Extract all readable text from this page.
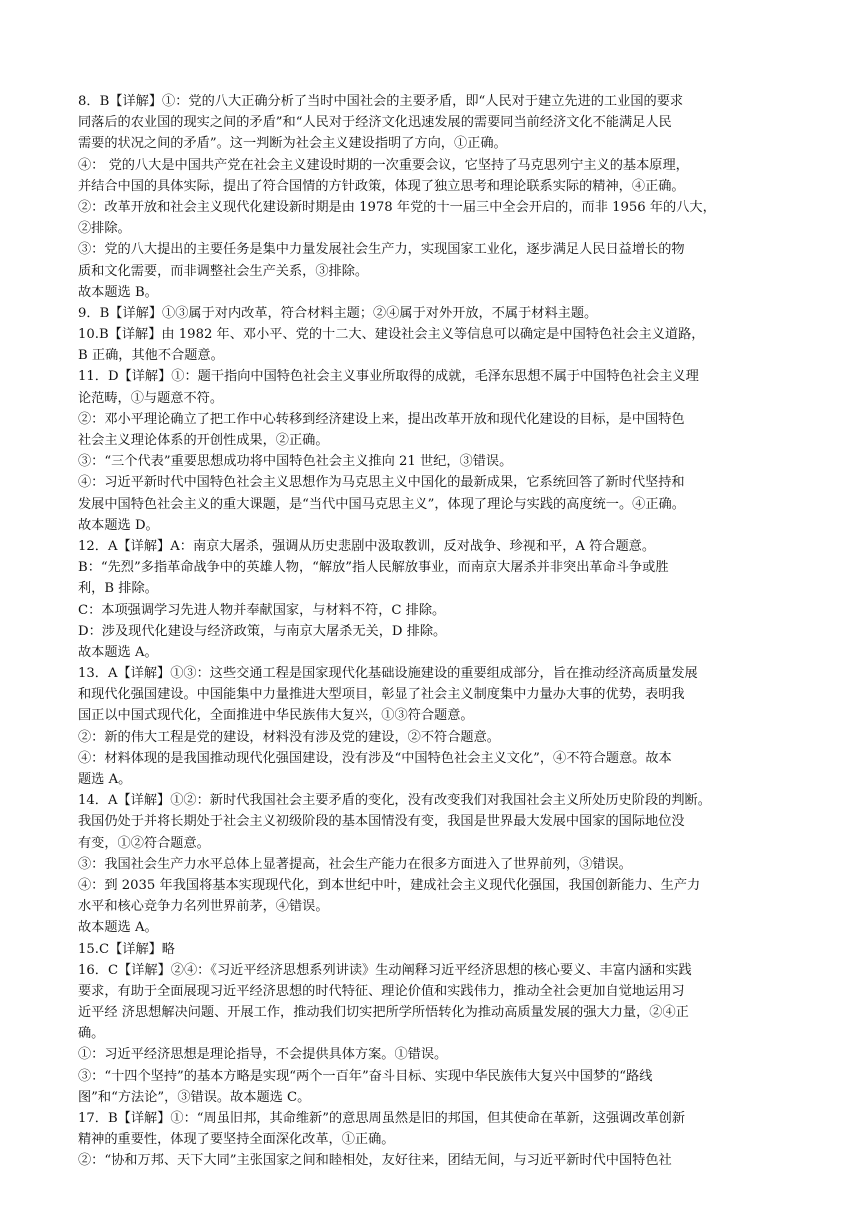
8．B【详解】①：党的八大正确分析了当时中国社会的主要矛盾，即“人民对于建立先进的工业国的要求
同落后的农业国的现实之间的矛盾”和“人民对于经济文化迅速发展的需要同当前经济文化不能满足人民
需要的状况之间的矛盾”。这一判断为社会主义建设指明了方向，①正确。
④： 党的八大是中国共产党在社会主义建设时期的一次重要会议，它坚持了马克思列宁主义的基本原理，
并结合中国的具体实际，提出了符合国情的方针政策，体现了独立思考和理论联系实际的精神，④正确。
②：改革开放和社会主义现代化建设新时期是由 1978 年党的十一届三中全会开启的，而非 1956 年的八大，
②排除。
③：党的八大提出的主要任务是集中力量发展社会生产力，实现国家工业化，逐步满足人民日益增长的物
质和文化需要，而非调整社会生产关系，③排除。
故本题选 B。
9．B【详解】①③属于对内改革，符合材料主题；②④属于对外开放，不属于材料主题。
10.B【详解】由 1982 年、邓小平、党的十二大、建设社会主义等信息可以确定是中国特色社会主义道路，
B 正确，其他不合题意。
11．D【详解】①：题干指向中国特色社会主义事业所取得的成就，毛泽东思想不属于中国特色社会主义理
论范畴，①与题意不符。
②：邓小平理论确立了把工作中心转移到经济建设上来，提出改革开放和现代化建设的目标，是中国特色
社会主义理论体系的开创性成果，②正确。
③：“三个代表”重要思想成功将中国特色社会主义推向 21 世纪，③错误。
④：习近平新时代中国特色社会主义思想作为马克思主义中国化的最新成果，它系统回答了新时代坚持和
发展中国特色社会主义的重大课题，是“当代中国马克思主义”，体现了理论与实践的高度统一。④正确。
故本题选 D。
12．A【详解】A：南京大屠杀，强调从历史悲剧中汲取教训，反对战争、珍视和平，A 符合题意。
B：“先烈”多指革命战争中的英雄人物，“解放”指人民解放事业，而南京大屠杀并非突出革命斗争或胜
利，B 排除。
C：本项强调学习先进人物并奉献国家，与材料不符，C 排除。
D：涉及现代化建设与经济政策，与南京大屠杀无关，D 排除。
故本题选 A。
13．A【详解】①③：这些交通工程是国家现代化基础设施建设的重要组成部分，旨在推动经济高质量发展
和现代化强国建设。中国能集中力量推进大型项目，彰显了社会主义制度集中力量办大事的优势，表明我
国正以中国式现代化，全面推进中华民族伟大复兴，①③符合题意。
②：新的伟大工程是党的建设，材料没有涉及党的建设，②不符合题意。
④：材料体现的是我国推动现代化强国建设，没有涉及“中国特色社会主义文化”，④不符合题意。故本
题选 A。
14．A【详解】①②：新时代我国社会主要矛盾的变化，没有改变我们对我国社会主义所处历史阶段的判断。
我国仍处于并将长期处于社会主义初级阶段的基本国情没有变，我国是世界最大发展中国家的国际地位没
有变，①②符合题意。
③：我国社会生产力水平总体上显著提高，社会生产能力在很多方面进入了世界前列，③错误。
④：到 2035 年我国将基本实现现代化，到本世纪中叶，建成社会主义现代化强国，我国创新能力、生产力
水平和核心竞争力名列世界前茅，④错误。
故本题选 A。
15.C【详解】略
16．C【详解】②④：《习近平经济思想系列讲读》生动阐释习近平经济思想的核心要义、丰富内涵和实践
要求，有助于全面展现习近平经济思想的时代特征、理论价值和实践伟力，推动全社会更加自觉地运用习
近平经 济思想解决问题、开展工作，推动我们切实把所学所悟转化为推动高质量发展的强大力量，②④正
确。
①：习近平经济思想是理论指导，不会提供具体方案。①错误。
③：“十四个坚持”的基本方略是实现“两个一百年”奋斗目标、实现中华民族伟大复兴中国梦的“路线
图”和“方法论”，③错误。故本题选 C。
17．B【详解】①：“周虽旧邦，其命维新”的意思周虽然是旧的邦国，但其使命在革新，这强调改革创新
精神的重要性，体现了要坚持全面深化改革，①正确。
②：“协和万邦、天下大同”主张国家之间和睦相处，友好往来，团结无间，与习近平新时代中国特色社
